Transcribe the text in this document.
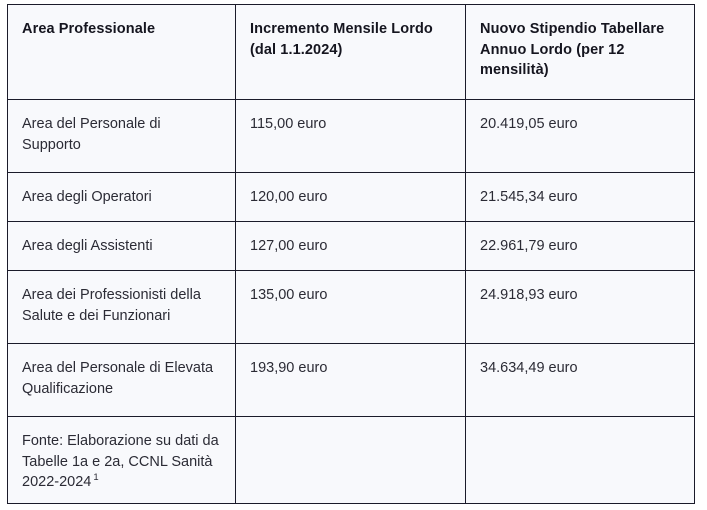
Area Professionale	Incremento Mensile Lordo (dal 1.1.2024)	Nuovo Stipendio Tabellare Annuo Lordo (per 12 mensilità)
Area del Personale di Supporto	115,00 euro	20.419,05 euro
Area degli Operatori	120,00 euro	21.545,34 euro
Area degli Assistenti	127,00 euro	22.961,79 euro
Area dei Professionisti della Salute e dei Funzionari	135,00 euro	24.918,93 euro
Area del Personale di Elevata Qualificazione	193,90 euro	34.634,49 euro
Fonte: Elaborazione su dati da Tabelle 1a e 2a, CCNL Sanità 2022-2024 $^1$		
